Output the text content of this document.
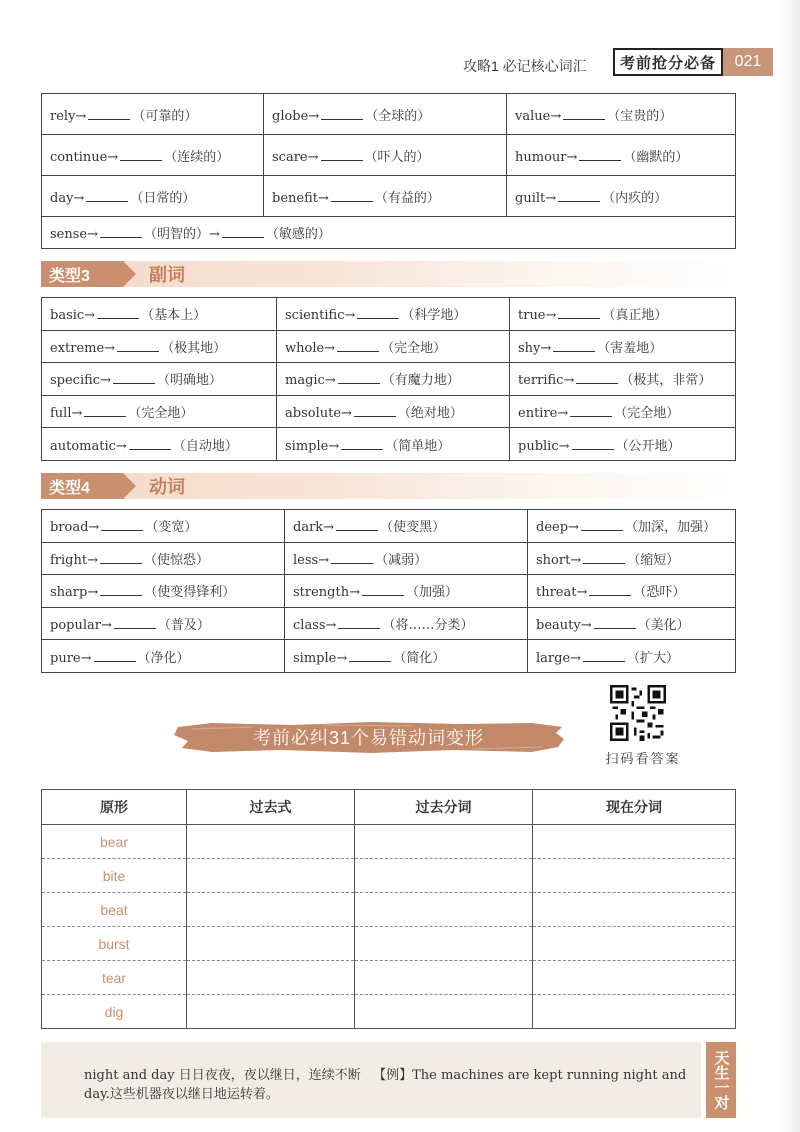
攻略1 必记核心词汇	考前抢分必备	021
rely→ （可靠的）	globe→ （全球的）	value→ （宝贵的）
continue→ （连续的）	scare→ （吓人的）	humour→ （幽默的）
day→ （日常的）	benefit→ （有益的）	guilt→ （内疚的）
sense→ （明智的）→ （敏感的）		
类型3	副词
basic→ （基本上）	scientific→ （科学地）	true→ （真正地）
extreme→ （极其地）	whole→ （完全地）	shy→ （害羞地）
specific→ （明确地）	magic→ （有魔力地）	terrific→ （极其，非常）
full→ （完全地）	absolute→ （绝对地）	entire→ （完全地）
automatic→ （自动地）	simple→ （简单地）	public→ （公开地）
类型4	动词
broad→ （变宽）	dark→ （使变黑）	deep→ （加深，加强）
fright→ （使惊恐）	less→ （减弱）	short→ （缩短）
sharp→ （使变得锋利）	strength→ （加强）	threat→ （恐吓）
popular→ （普及）	class→ （将……分类）	beauty→ （美化）
pure→ （净化）	simple→ （简化）	large→ （扩大）
扫码看答案
考前必纠31个易错动词变形
原形	过去式	过去分词	现在分词
bear			
bite			
beat			
burst			
tear			
dig			
night and day 日日夜夜，夜以继日，连续不断 【例】The machines are kept running night and day.这些机器夜以继日地运转着。	天生一对
